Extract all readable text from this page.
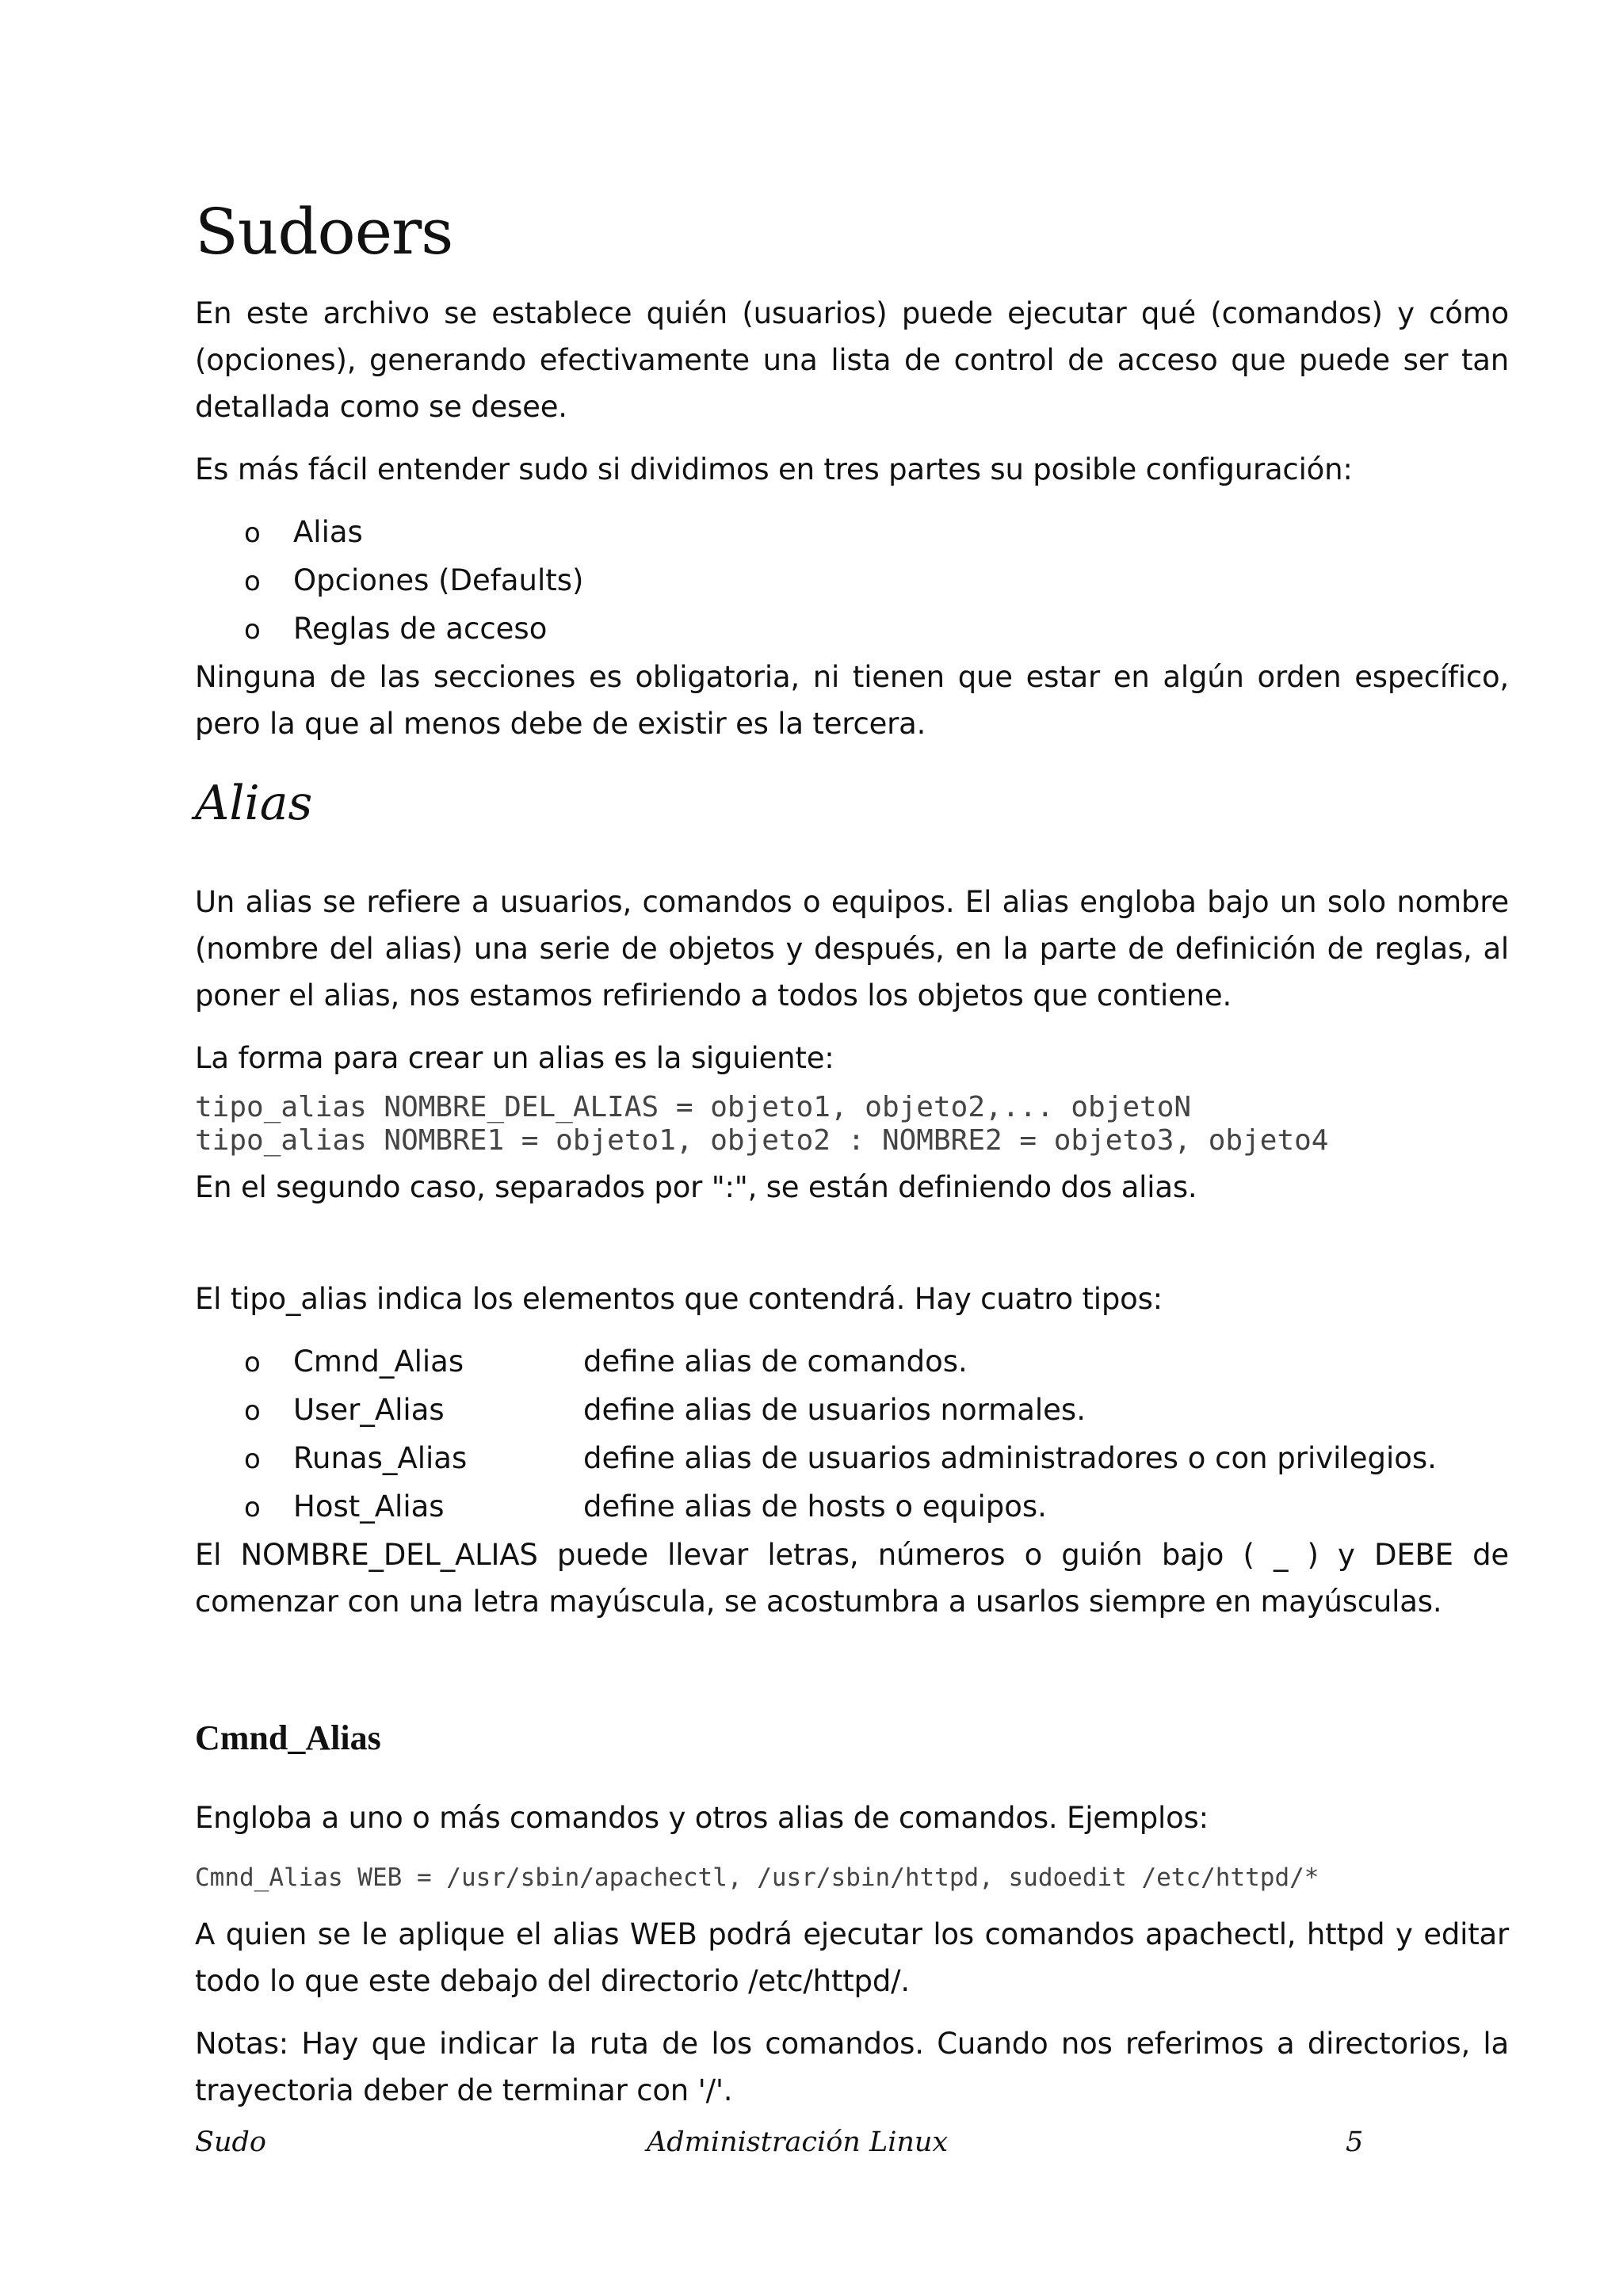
Sudoers

En este archivo se establece quién (usuarios) puede ejecutar qué (comandos) y cómo (opciones), generando efectivamente una lista de control de acceso que puede ser tan detallada como se desee.

Es más fácil entender sudo si dividimos en tres partes su posible configuración:

o	Alias
o	Opciones (Defaults)
o	Reglas de acceso

Ninguna de las secciones es obligatoria, ni tienen que estar en algún orden específico, pero la que al menos debe de existir es la tercera.

Alias

Un alias se refiere a usuarios, comandos o equipos. El alias engloba bajo un solo nombre (nombre del alias) una serie de objetos y después, en la parte de definición de reglas, al poner el alias, nos estamos refiriendo a todos los objetos que contiene.

La forma para crear un alias es la siguiente:

tipo_alias NOMBRE_DEL_ALIAS = objeto1, objeto2,... objetoN
tipo_alias NOMBRE1 = objeto1, objeto2 : NOMBRE2 = objeto3, objeto4

En el segundo caso, separados por ":", se están definiendo dos alias.

El tipo_alias indica los elementos que contendrá. Hay cuatro tipos:

o	Cmnd_Alias	define alias de comandos.
o	User_Alias	define alias de usuarios normales.
o	Runas_Alias	define alias de usuarios administradores o con privilegios.
o	Host_Alias	define alias de hosts o equipos.

El NOMBRE_DEL_ALIAS puede llevar letras, números o guión bajo ( _ ) y DEBE de comenzar con una letra mayúscula, se acostumbra a usarlos siempre en mayúsculas.

Cmnd_Alias

Engloba a uno o más comandos y otros alias de comandos. Ejemplos:

Cmnd_Alias WEB = /usr/sbin/apachectl, /usr/sbin/httpd, sudoedit /etc/httpd/*

A quien se le aplique el alias WEB podrá ejecutar los comandos apachectl, httpd y editar todo lo que este debajo del directorio /etc/httpd/.

Notas: Hay que indicar la ruta de los comandos. Cuando nos referimos a directorios, la trayectoria deber de terminar con '/'.

Sudo	Administración Linux	5
